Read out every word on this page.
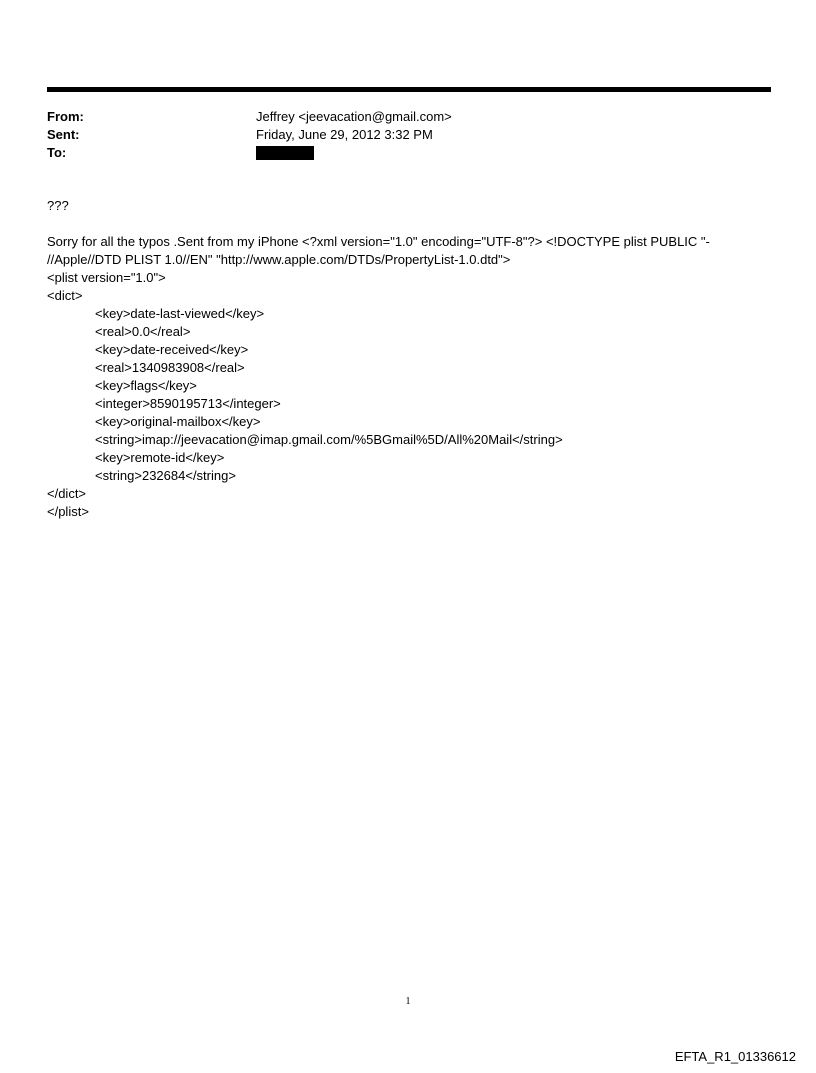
From:	Jeffrey <jeevacation@gmail.com>
Sent:	Friday, June 29, 2012 3:32 PM
To:

???

Sorry for all the typos .Sent from my iPhone <?xml version="1.0" encoding="UTF-8"?> <!DOCTYPE plist PUBLIC "-

//Apple//DTD PLIST 1.0//EN" "http://www.apple.com/DTDs/PropertyList-1.0.dtd">

<plist version="1.0">

<dict>

<key>date-last-viewed</key>

<real>0.0</real>

<key>date-received</key>

<real>1340983908</real>

<key>flags</key>

<integer>8590195713</integer>

<key>original-mailbox</key>

<string>imap://jeevacation@imap.gmail.com/%5BGmail%5D/All%20Mail</string>

<key>remote-id</key>

<string>232684</string>

</dict>

</plist>

1
EFTA_R1_01336612
